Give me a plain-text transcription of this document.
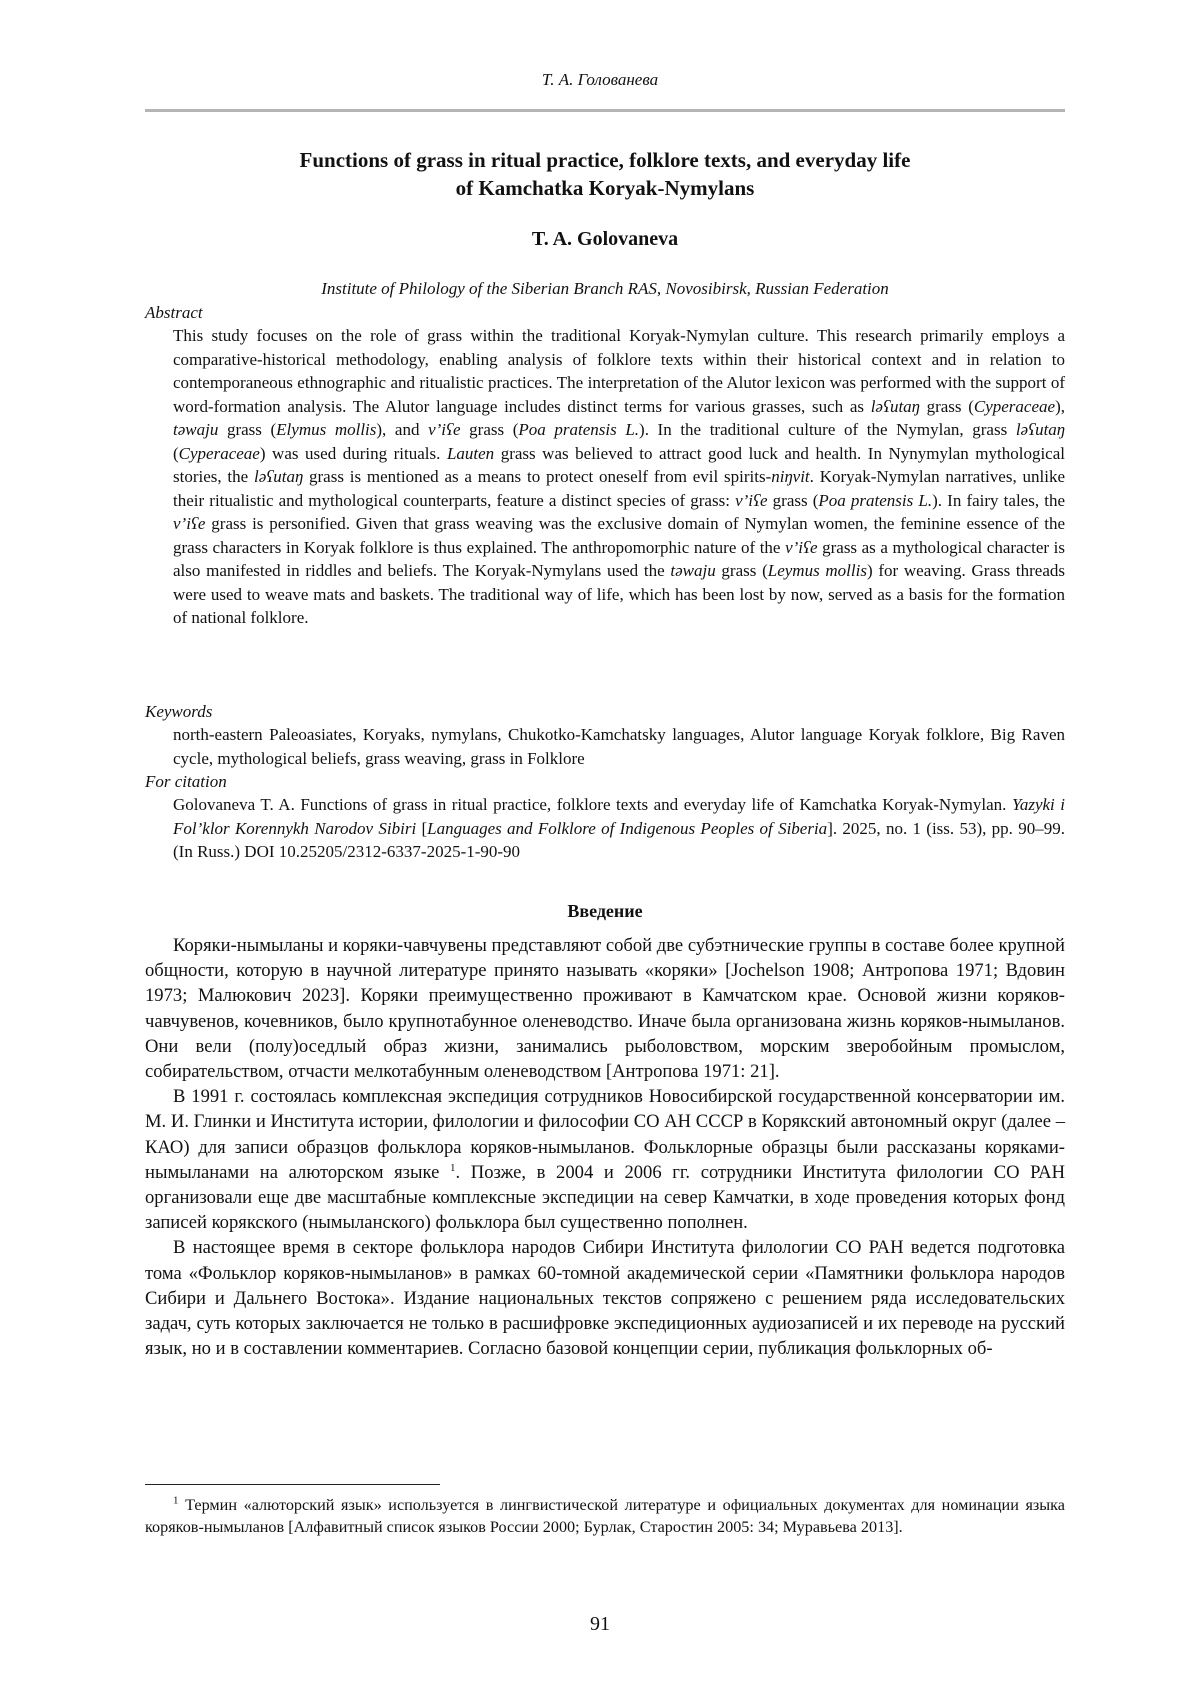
Т. А. Голованева
Functions of grass in ritual practice, folklore texts, and everyday life
of Kamchatka Koryak-Nymylans
T. A. Golovaneva
Institute of Philology of the Siberian Branch RAS, Novosibirsk, Russian Federation
Abstract
This study focuses on the role of grass within the traditional Koryak-Nymylan culture. This research primarily employs a comparative-historical methodology, enabling analysis of folklore texts within their historical context and in relation to contemporaneous ethnographic and ritualistic practices. The interpretation of the Alutor lexicon was performed with the support of word-formation analysis. The Alutor language includes distinct terms for various grasses, such as ləʕutaŋ grass (Cyperaceae), təwaju grass (Elymus mollis), and v’iʕe grass (Poa pratensis L.). In the traditional culture of the Nymylan, grass ləʕutaŋ (Cyperaceae) was used during rituals. Lauten grass was believed to attract good luck and health. In Nynymylan mythological stories, the ləʕutaŋ grass is mentioned as a means to protect oneself from evil spirits-niŋvit. Koryak-Nymylan narratives, unlike their ritualistic and mythological counterparts, feature a distinct species of grass: v’iʕe grass (Poa pratensis L.). In fairy tales, the v’iʕe grass is personified. Given that grass weaving was the exclusive domain of Nymylan women, the feminine essence of the grass characters in Koryak folklore is thus explained. The anthropomorphic nature of the v’iʕe grass as a mythological character is also manifested in riddles and beliefs. The Koryak-Nymylans used the təwaju grass (Leymus mollis) for weaving. Grass threads were used to weave mats and baskets. The traditional way of life, which has been lost by now, served as a basis for the formation of national folklore.
Keywords
north-eastern Paleoasiates, Koryaks, nymylans, Chukotko-Kamchatsky languages, Alutor language Koryak folklore, Big Raven cycle, mythological beliefs, grass weaving, grass in Folklore
For citation
Golovaneva T. A. Functions of grass in ritual practice, folklore texts and everyday life of Kamchatka Koryak-Nymylan. Yazyki i Fol’klor Korennykh Narodov Sibiri [Languages and Folklore of Indigenous Peoples of Siberia]. 2025, no. 1 (iss. 53), pp. 90–99. (In Russ.) DOI 10.25205/2312-6337-2025-1-90-90
Введение

Коряки-нымыланы и коряки-чавчувены представляют собой две субэтнические группы в составе более крупной общности, которую в научной литературе принято называть «коряки» [Jochelson 1908; Антропова 1971; Вдовин 1973; Малюкович 2023]. Коряки преимущественно проживают в Камчатском крае. Основой жизни коряков-чавчувенов, кочевников, было крупнотабунное оленеводство. Иначе была организована жизнь коряков-нымыланов. Они вели (полу)оседлый образ жизни, занимались рыболовством, морским зверобойным промыслом, собирательством, отчасти мелкотабунным оленеводством [Антропова 1971: 21].

В 1991 г. состоялась комплексная экспедиция сотрудников Новосибирской государственной консерватории им. М. И. Глинки и Института истории, филологии и философии СО АН СССР в Корякский автономный округ (далее – КАО) для записи образцов фольклора коряков-нымыланов. Фольклорные образцы были рассказаны коряками-нымыланами на алюторском языке $^1$. Позже, в 2004 и 2006 гг. сотрудники Института филологии СО РАН организовали еще две масштабные комплексные экспедиции на север Камчатки, в ходе проведения которых фонд записей корякского (нымыланского) фольклора был существенно пополнен.

В настоящее время в секторе фольклора народов Сибири Института филологии СО РАН ведется подготовка тома «Фольклор коряков-нымыланов» в рамках 60-томной академической серии «Памятники фольклора народов Сибири и Дальнего Востока». Издание национальных текстов сопряжено с решением ряда исследовательских задач, суть которых заключается не только в расшифровке экспедиционных аудиозаписей и их переводе на русский язык, но и в составлении комментариев. Согласно базовой концепции серии, публикация фольклорных об-

$^1$ Термин «алюторский язык» используется в лингвистической литературе и официальных документах для номинации языка коряков-нымыланов [Алфавитный список языков России 2000; Бурлак, Старостин 2005: 34; Муравьева 2013].

91
